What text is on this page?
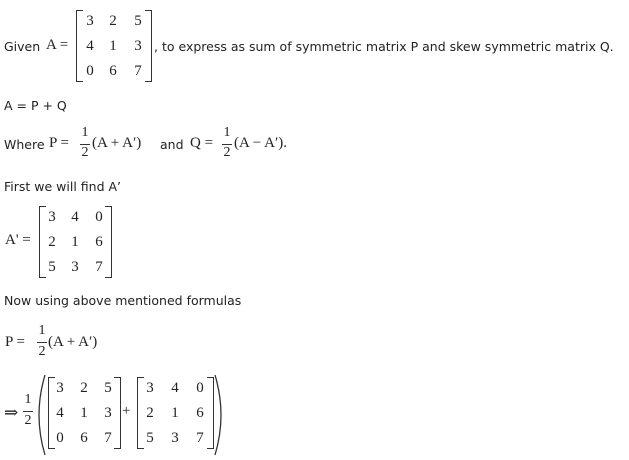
Given A =
3	2	5
4	1	3
0	6	7
, to express as sum of symmetric matrix P and skew symmetric matrix Q.
A = P + Q
Where P =
1
2
(A + A′) and Q =
1
2
(A − A′).
First we will find A’
A' =
3	4	0
2	1	6
5	3	7
Now using above mentioned formulas
P =
1
2
(A + A′)
⇒
1
2
3	2	5
4	1	3
0	6	7
+
3	4	0
2	1	6
5	3	7
